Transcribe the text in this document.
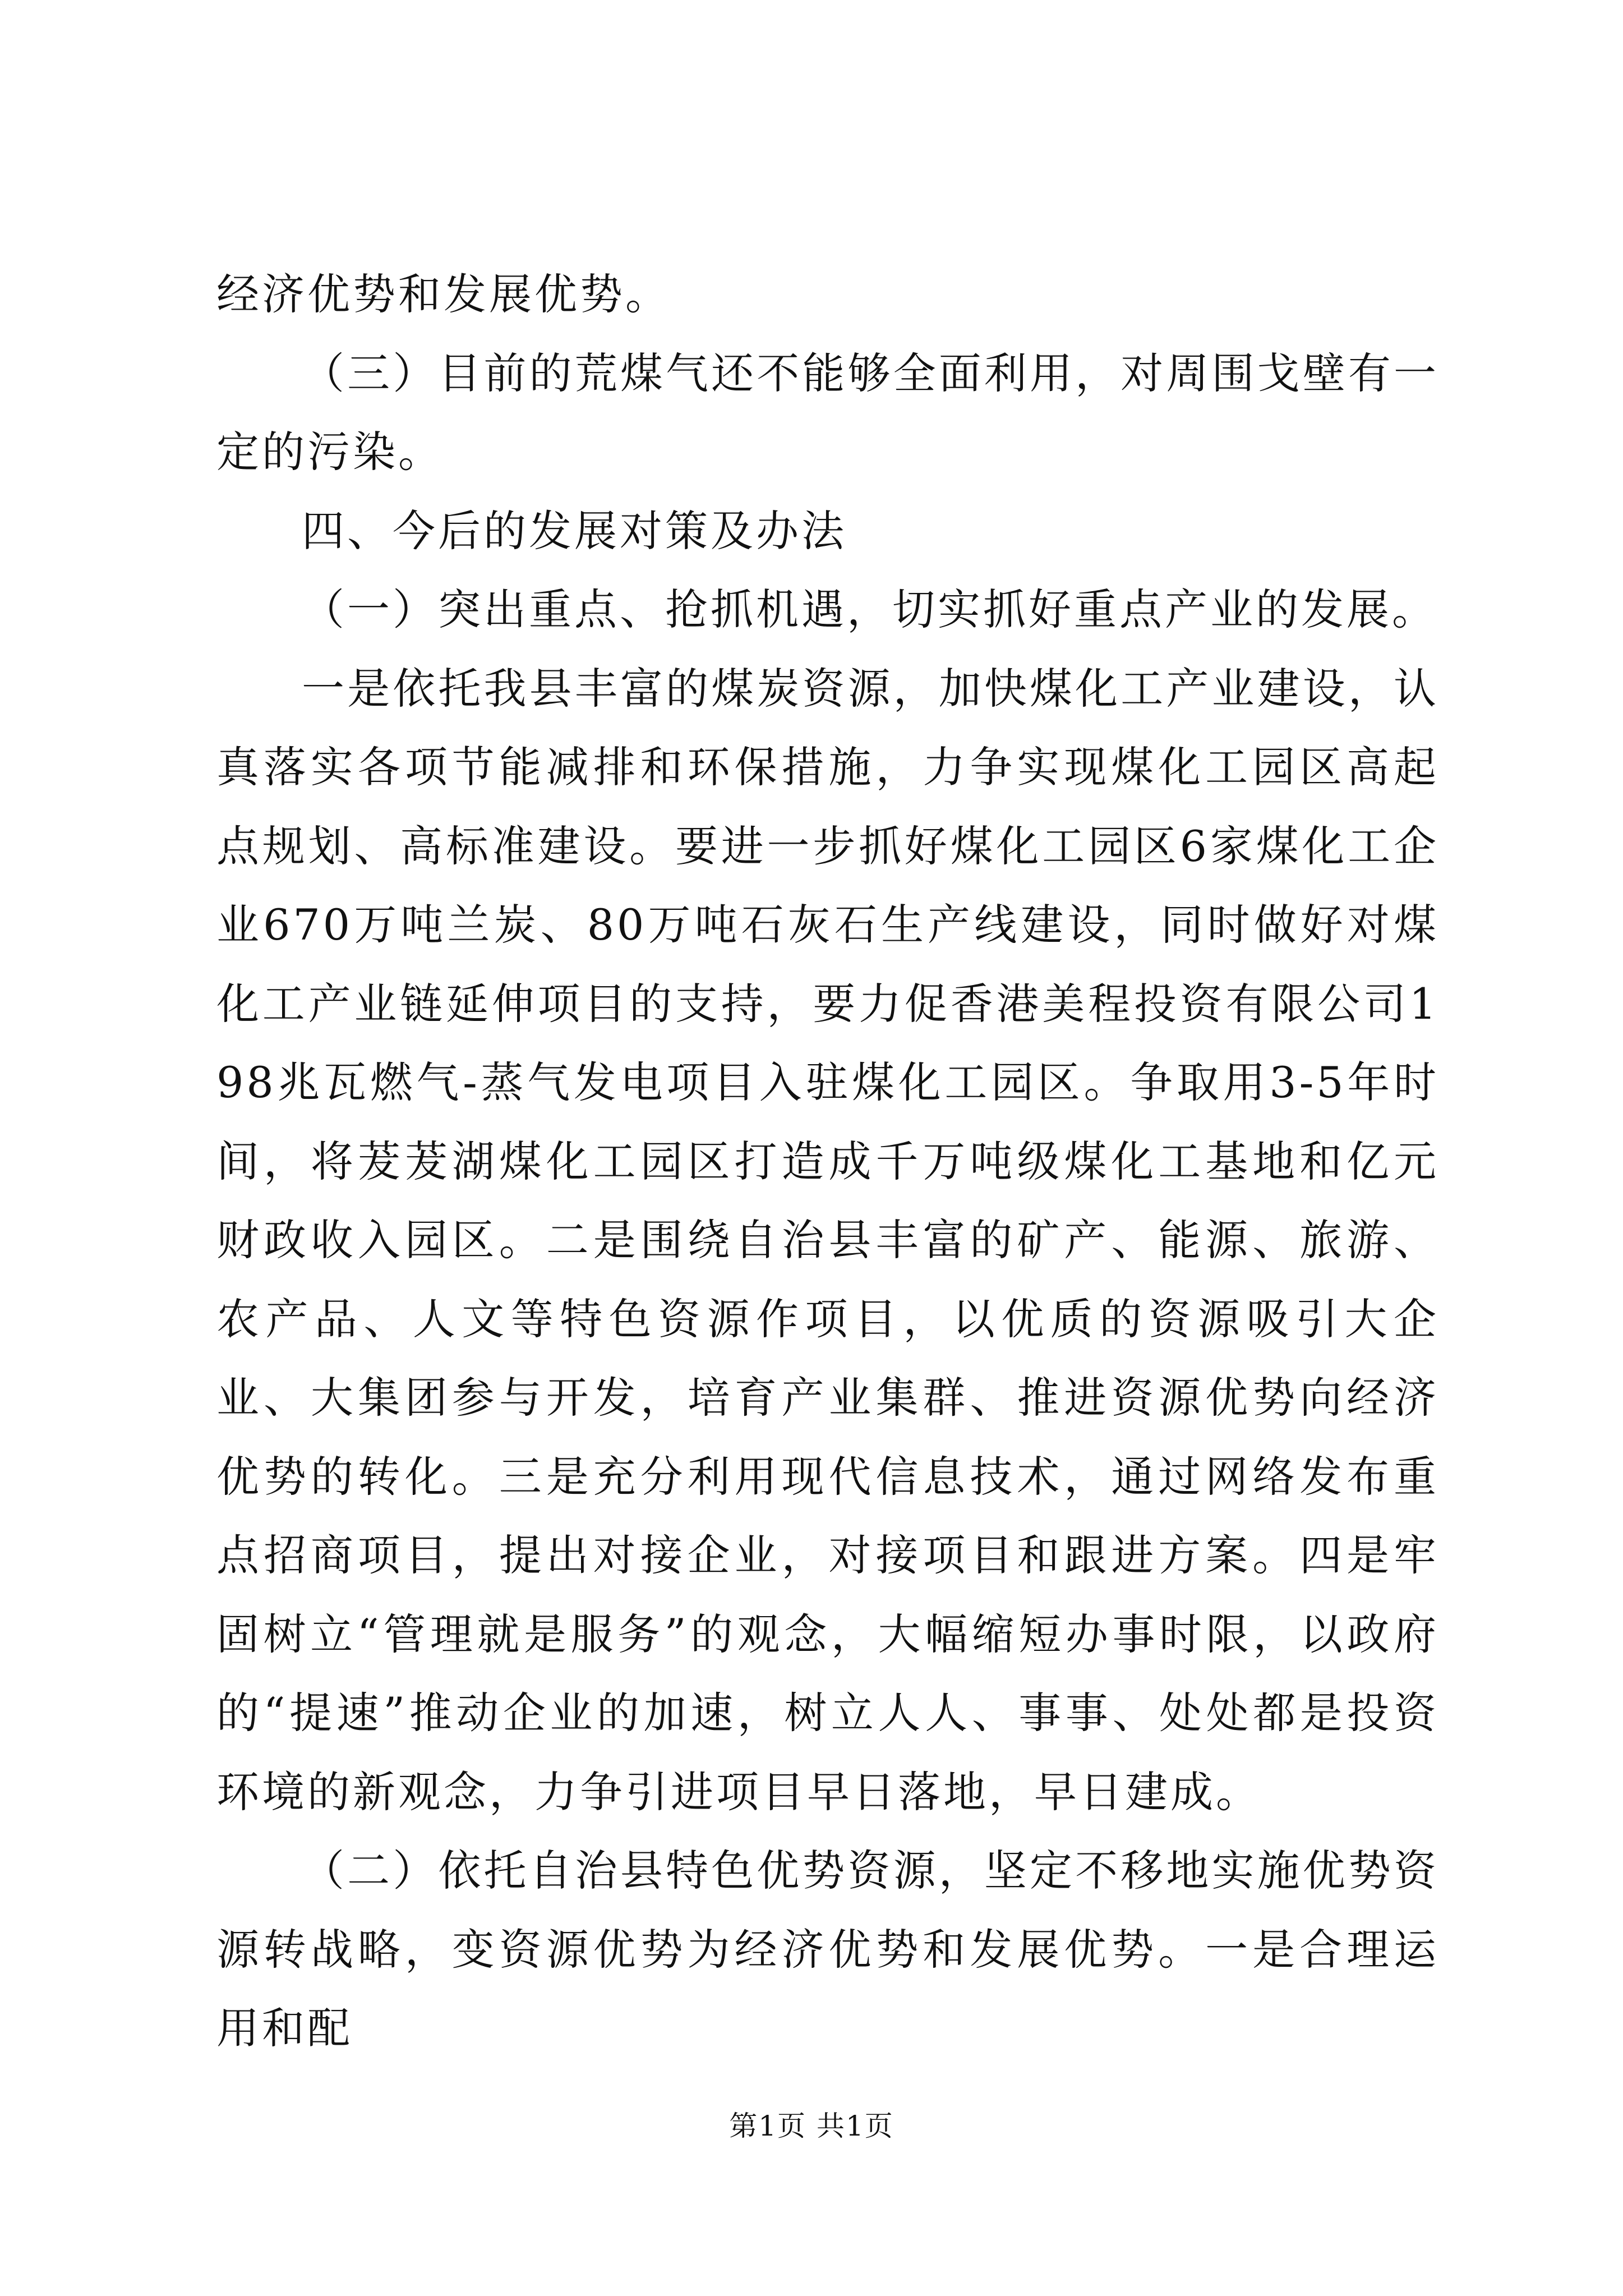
经济优势和发展优势。

（三）目前的荒煤气还不能够全面利用，对周围戈壁有一定的污染。

四、今后的发展对策及办法

（一）突出重点、抢抓机遇，切实抓好重点产业的发展。

一是依托我县丰富的煤炭资源，加快煤化工产业建设，认真落实各项节能减排和环保措施，力争实现煤化工园区高起点规划、高标准建设。要进一步抓好煤化工园区6家煤化工企业670万吨兰炭、80万吨石灰石生产线建设，同时做好对煤化工产业链延伸项目的支持，要力促香港美程投资有限公司198兆瓦燃气-蒸气发电项目入驻煤化工园区。争取用3-5年时间，将茇茇湖煤化工园区打造成千万吨级煤化工基地和亿元财政收入园区。二是围绕自治县丰富的矿产、能源、旅游、农产品、人文等特色资源作项目，以优质的资源吸引大企业、大集团参与开发，培育产业集群、推进资源优势向经济优势的转化。三是充分利用现代信息技术，通过网络发布重点招商项目，提出对接企业，对接项目和跟进方案。四是牢固树立“管理就是服务”的观念，大幅缩短办事时限，以政府的“提速”推动企业的加速，树立人人、事事、处处都是投资环境的新观念，力争引进项目早日落地，早日建成。

（二）依托自治县特色优势资源，坚定不移地实施优势资源转战略，变资源优势为经济优势和发展优势。一是合理运用和配

第1页 共1页
